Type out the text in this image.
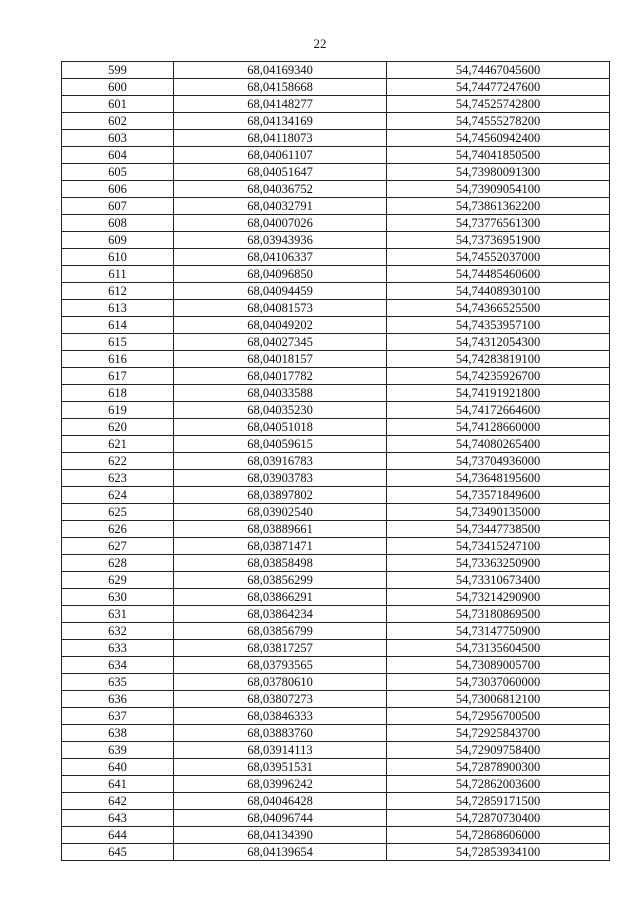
22
599	68,04169340	54,74467045600
600	68,04158668	54,74477247600
601	68,04148277	54,74525742800
602	68,04134169	54,74555278200
603	68,04118073	54,74560942400
604	68,04061107	54,74041850500
605	68,04051647	54,73980091300
606	68,04036752	54,73909054100
607	68,04032791	54,73861362200
608	68,04007026	54,73776561300
609	68,03943936	54,73736951900
610	68,04106337	54,74552037000
611	68,04096850	54,74485460600
612	68,04094459	54,74408930100
613	68,04081573	54,74366525500
614	68,04049202	54,74353957100
615	68,04027345	54,74312054300
616	68,04018157	54,74283819100
617	68,04017782	54,74235926700
618	68,04033588	54,74191921800
619	68,04035230	54,74172664600
620	68,04051018	54,74128660000
621	68,04059615	54,74080265400
622	68,03916783	54,73704936000
623	68,03903783	54,73648195600
624	68,03897802	54,73571849600
625	68,03902540	54,73490135000
626	68,03889661	54,73447738500
627	68,03871471	54,73415247100
628	68,03858498	54,73363250900
629	68,03856299	54,73310673400
630	68,03866291	54,73214290900
631	68,03864234	54,73180869500
632	68,03856799	54,73147750900
633	68,03817257	54,73135604500
634	68,03793565	54,73089005700
635	68,03780610	54,73037060000
636	68,03807273	54,73006812100
637	68,03846333	54,72956700500
638	68,03883760	54,72925843700
639	68,03914113	54,72909758400
640	68,03951531	54,72878900300
641	68,03996242	54,72862003600
642	68,04046428	54,72859171500
643	68,04096744	54,72870730400
644	68,04134390	54,72868606000
645	68,04139654	54,72853934100
